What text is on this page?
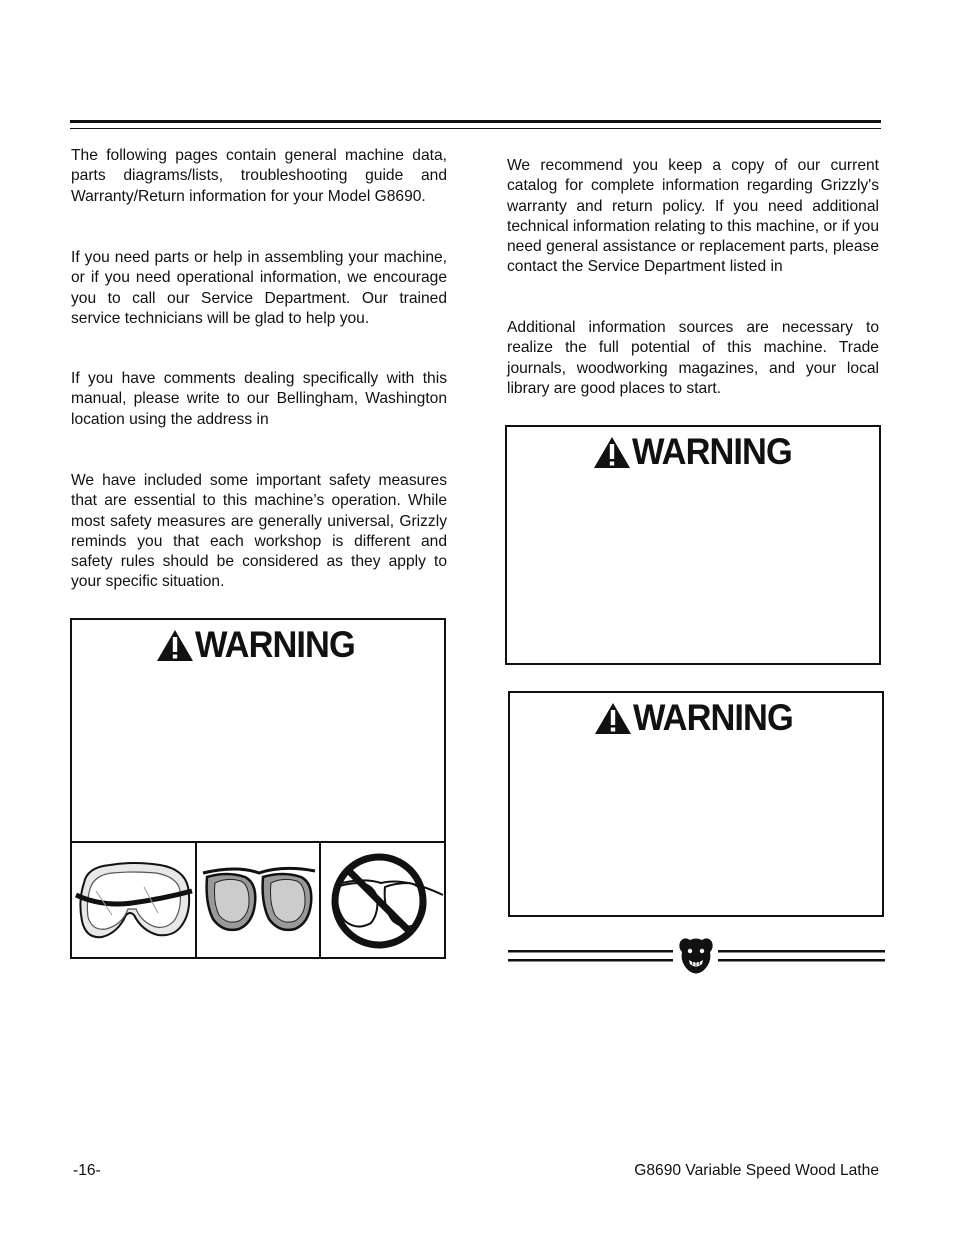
The following pages contain general machine data, parts diagrams/lists, troubleshooting guide and Warranty/Return information for your Model G8690.

If you need parts or help in assembling your machine, or if you need operational information, we encourage you to call our Service Department. Our trained service technicians will be glad to help you.

If you have comments dealing specifically with this manual, please write to our Bellingham, Washington location using the address in

We have included some important safety measures that are essential to this machine’s operation. While most safety measures are generally universal, Grizzly reminds you that each workshop is different and safety rules should be considered as they apply to your specific situation.

WARNING

We recommend you keep a copy of our current catalog for complete information regarding Grizzly's warranty and return policy. If you need additional technical information relating to this machine, or if you need general assistance or replacement parts, please contact the Service Department listed in

Additional information sources are necessary to realize the full potential of this machine. Trade journals, woodworking magazines, and your local library are good places to start.

WARNING
WARNING
-16-	G8690 Variable Speed Wood Lathe
